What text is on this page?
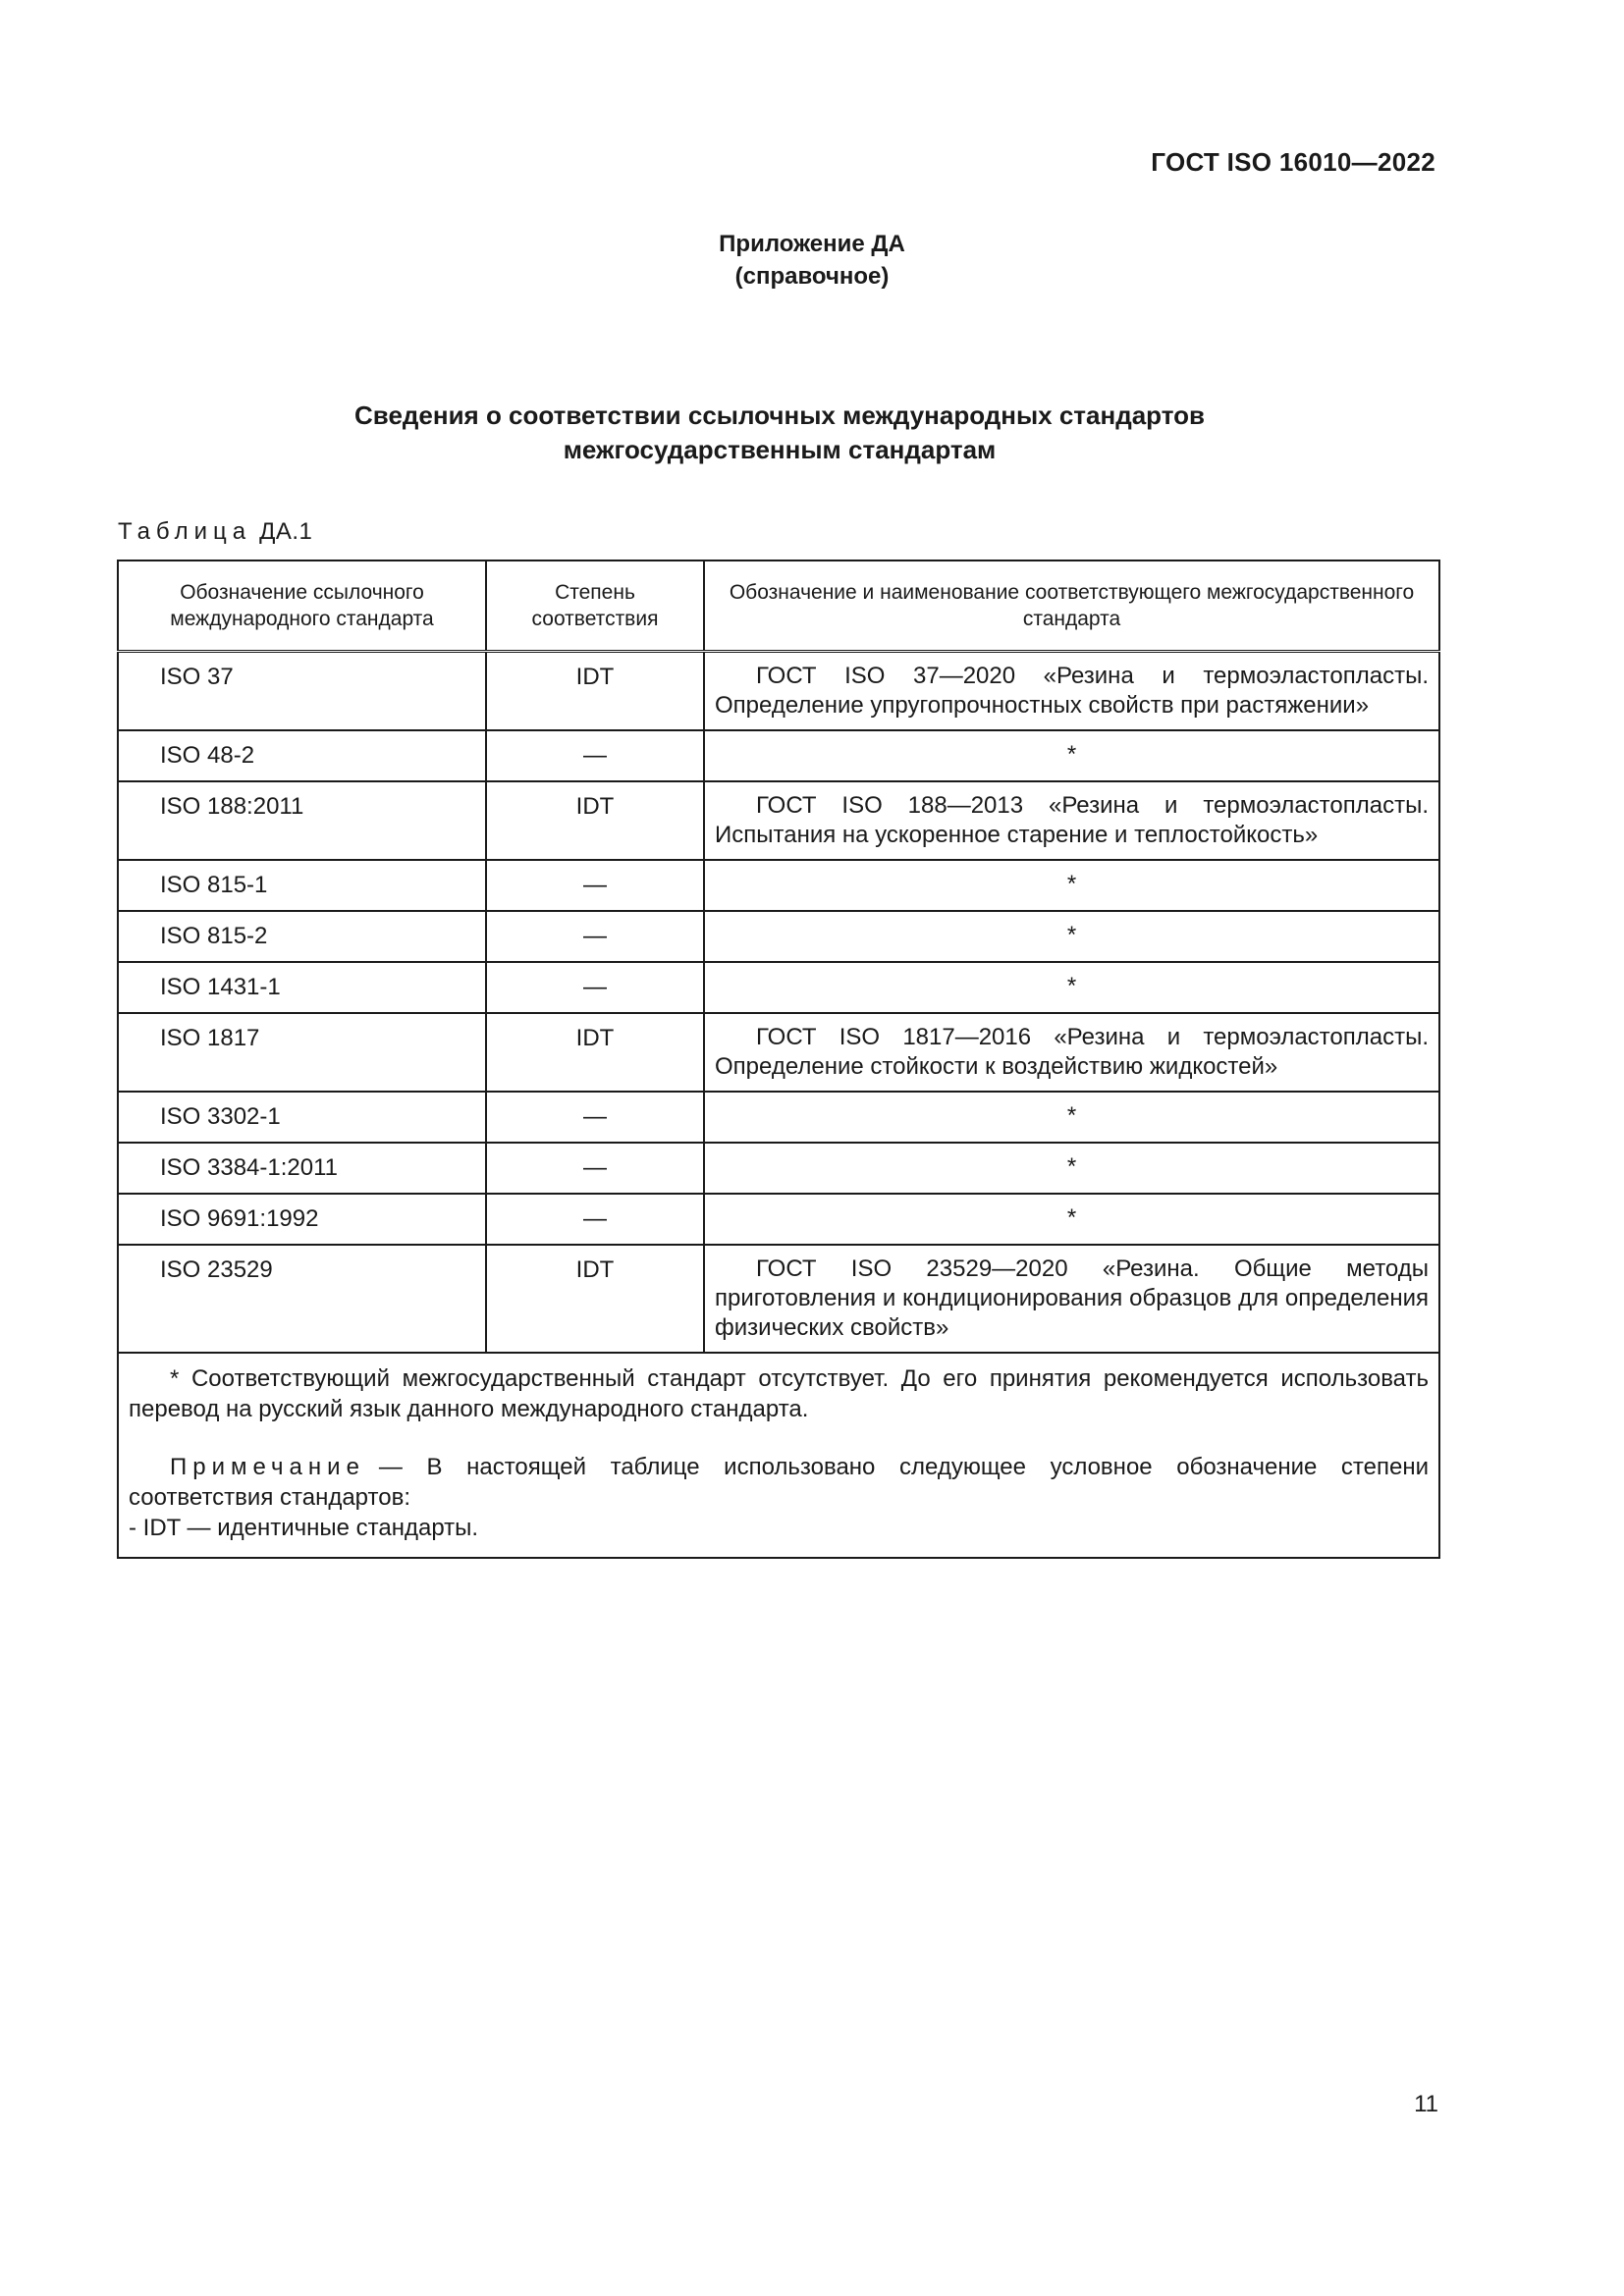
ГОСТ ISO 16010—2022
Приложение ДА
(справочное)
Сведения о соответствии ссылочных международных стандартов
межгосударственным стандартам
Таблица ДА.1
Обозначение ссылочного международного стандарта	Степень соответствия	Обозначение и наименование соответствующего межгосударственного стандарта
ISO 37	IDT	ГОСТ ISO 37—2020 «Резина и термоэластопласты. Определение упругопрочностных свойств при растяжении»

ISO 48-2	—	*
ISO 188:2011	IDT	ГОСТ ISO 188—2013 «Резина и термоэластопласты. Испытания на ускоренное старение и теплостойкость»

ISO 815-1	—	*
ISO 815-2	—	*
ISO 1431-1	—	*
ISO 1817	IDT	ГОСТ ISO 1817—2016 «Резина и термоэластопласты. Определение стойкости к воздействию жидкостей»

ISO 3302-1	—	*
ISO 3384-1:2011	—	*
ISO 9691:1992	—	*
ISO 23529	IDT	ГОСТ ISO 23529—2020 «Резина. Общие методы приготовления и кондиционирования образцов для определения физических свойств»

* Соответствующий межгосударственный стандарт отсутствует. До его принятия рекомендуется использовать перевод на русский язык данного международного стандарта.
Примечание — В настоящей таблице использовано следующее условное обозначение степени соответствия стандартов:
- IDT — идентичные стандарты.		
11
